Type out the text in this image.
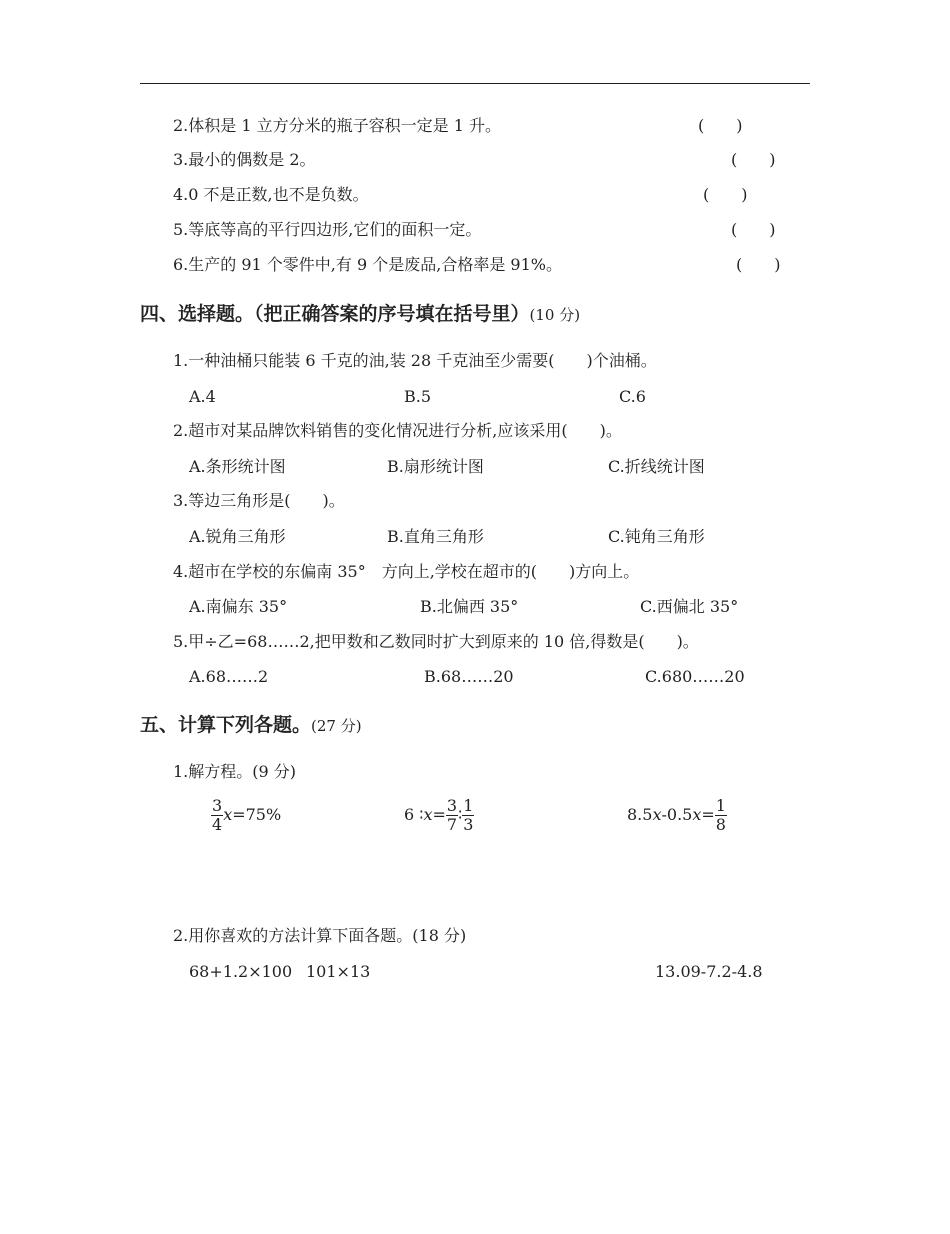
2.体积是 1 立方分米的瓶子容积一定是 1 升。	(　　)
3.最小的偶数是 2。	(　　)
4.0 不是正数,也不是负数。	(　　)
5.等底等高的平行四边形,它们的面积一定。	(　　)
6.生产的 91 个零件中,有 9 个是废品,合格率是 91%。	(　　)
四、选择题。（把正确答案的序号填在括号里）(10 分)
1.一种油桶只能装 6 千克的油,装 28 千克油至少需要(　　)个油桶。
A.4	B.5	C.6
2.超市对某品牌饮料销售的变化情况进行分析,应该采用(　　)。
A.条形统计图	B.扇形统计图	C.折线统计图
3.等边三角形是(　　)。
A.锐角三角形	B.直角三角形	C.钝角三角形
4.超市在学校的东偏南 35°　方向上,学校在超市的(　　)方向上。
A.南偏东 35°	B.北偏西 35°	C.西偏北 35°
5.甲÷乙=68……2,把甲数和乙数同时扩大到原来的 10 倍,得数是(　　)。
A.68……2	B.68……20	C.680……20
五、计算下列各题。(27 分)
1.解方程。(9 分)
$\frac{3}{4} x=75\%$	6 ∶x= $\frac{3}{7}$ ∶ $\frac{1}{3}$	$8.5x-0.5x= \frac{1}{8}$
2.用你喜欢的方法计算下面各题。(18 分)
68+1.2×100 101×13	13.09-7.2-4.8
